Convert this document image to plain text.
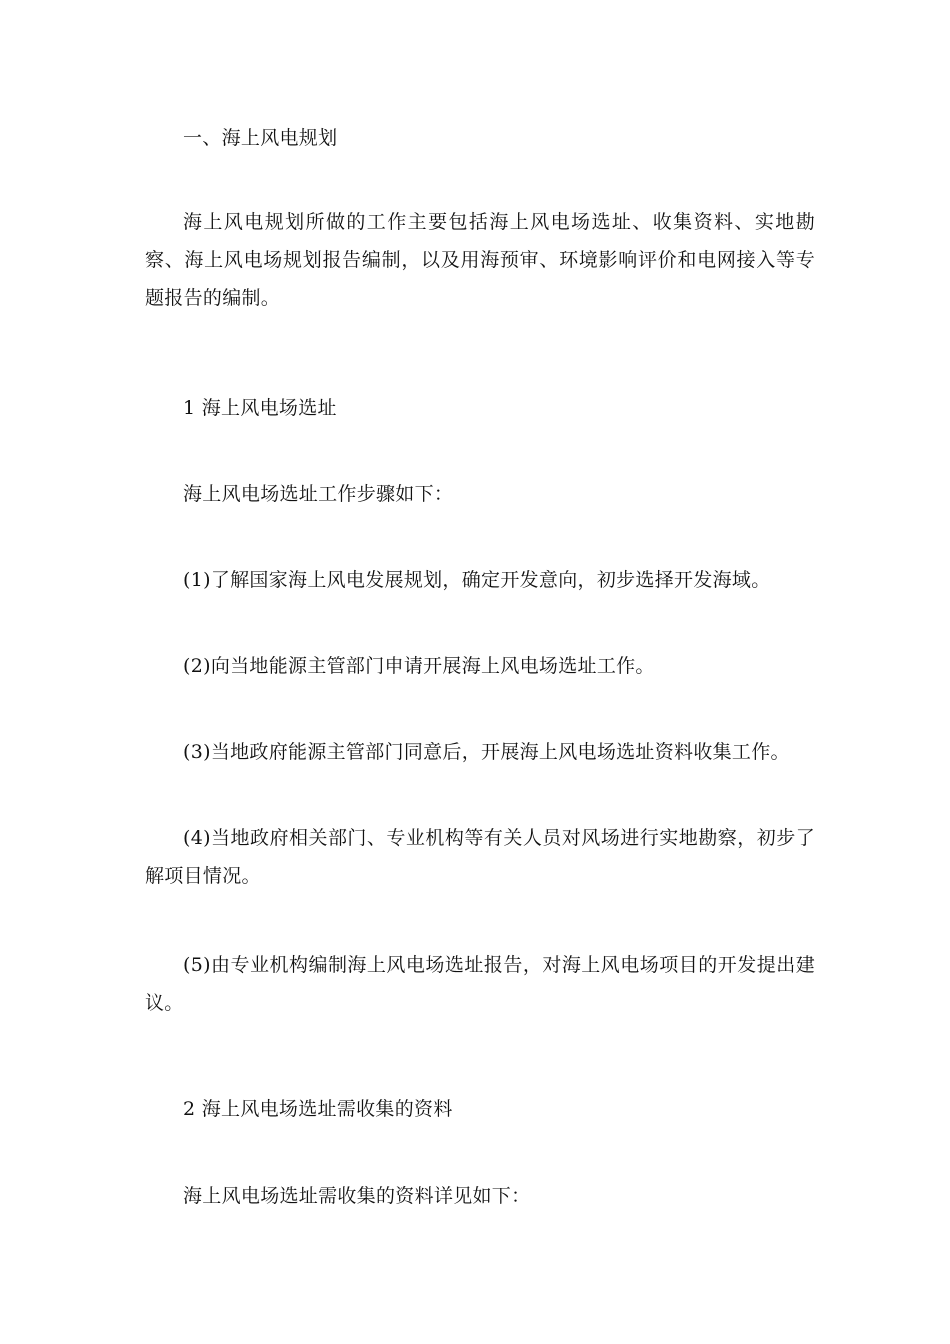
一、海上风电规划

海上风电规划所做的工作主要包括海上风电场选址、收集资料、实地勘察、海上风电场规划报告编制，以及用海预审、环境影响评价和电网接入等专题报告的编制。

1 海上风电场选址

海上风电场选址工作步骤如下：

(1)了解国家海上风电发展规划，确定开发意向，初步选择开发海域。

(2)向当地能源主管部门申请开展海上风电场选址工作。

(3)当地政府能源主管部门同意后，开展海上风电场选址资料收集工作。

(4)当地政府相关部门、专业机构等有关人员对风场进行实地勘察，初步了解项目情况。

(5)由专业机构编制海上风电场选址报告，对海上风电场项目的开发提出建议。

2 海上风电场选址需收集的资料

海上风电场选址需收集的资料详见如下：
